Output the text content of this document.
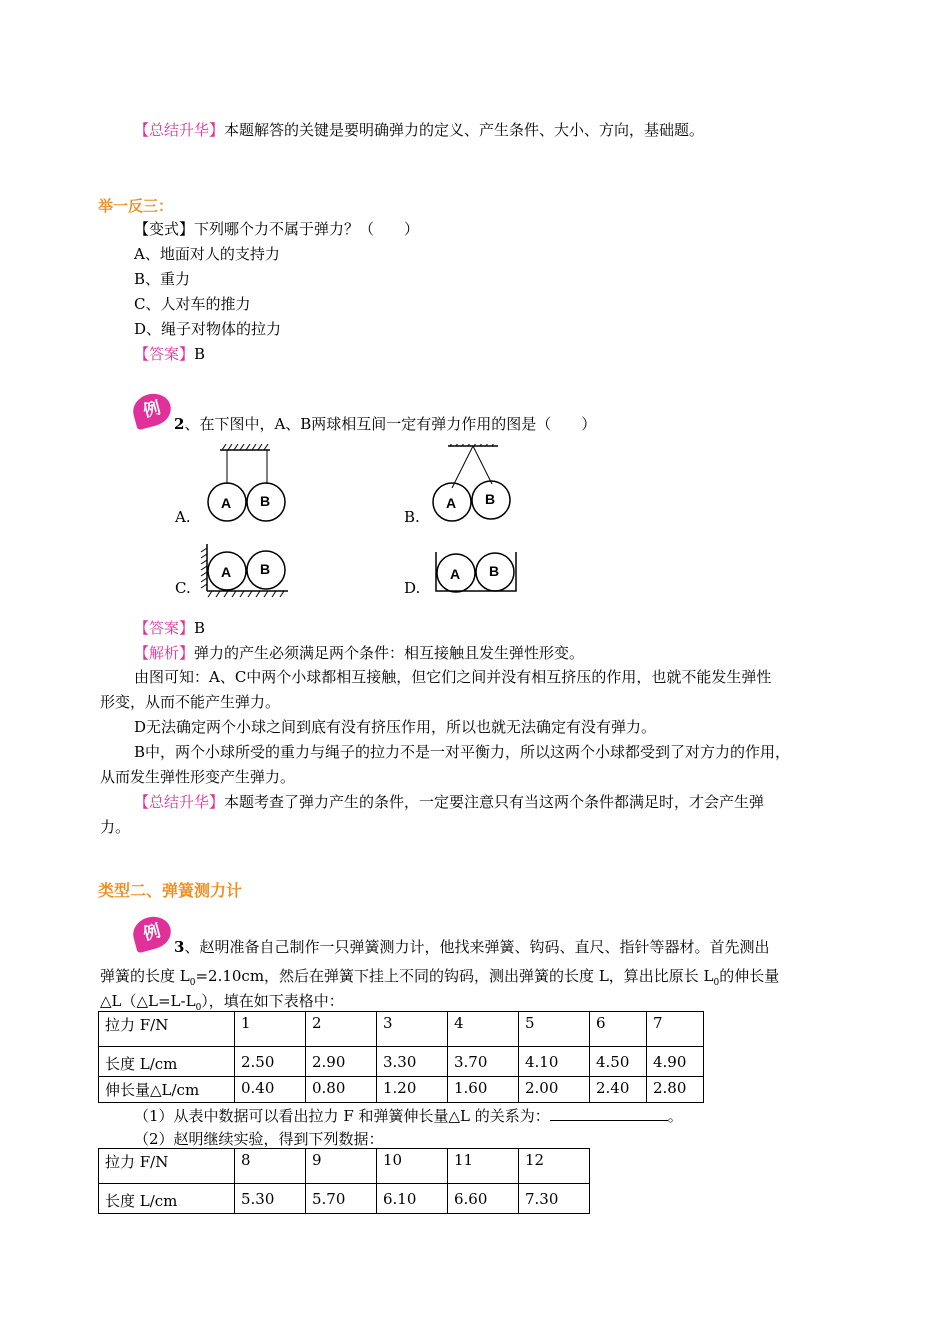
【总结升华】本题解答的关键是要明确弹力的定义、产生条件、大小、方向，基础题。
举一反三：
【变式】下列哪个力不属于弹力？（　　）
A、地面对人的支持力
B、重力
C、人对车的推力
D、绳子对物体的拉力
【答案】B
例
2、在下图中，A、B两球相互间一定有弹力作用的图是（　　）
A B	A B
A B	A B
A.	B.
C.	D.
【答案】B
【解析】弹力的产生必须满足两个条件：相互接触且发生弹性形变。
由图可知：A、C中两个小球都相互接触，但它们之间并没有相互挤压的作用，也就不能发生弹性
形变，从而不能产生弹力。
D无法确定两个小球之间到底有没有挤压作用，所以也就无法确定有没有弹力。
B中，两个小球所受的重力与绳子的拉力不是一对平衡力，所以这两个小球都受到了对方力的作用，
从而发生弹性形变产生弹力。
【总结升华】本题考查了弹力产生的条件，一定要注意只有当这两个条件都满足时，才会产生弹
力。
类型二、弹簧测力计
例
3、赵明准备自己制作一只弹簧测力计，他找来弹簧、钩码、直尺、指针等器材。首先测出
弹簧的长度 $L_0=2.10cm$，然后在弹簧下挂上不同的钩码，测出弹簧的长度 L，算出比原长 $L_0$的伸长量
$\triangle L(\triangle L=L-L_0)$，填在如下表格中：
拉力 F/N	1	2	3	4	5	6	7
长度 L/cm	2.50	2.90	3.30	3.70	4.10	4.50	4.90
伸长量△L/cm	0.40	0.80	1.20	1.60	2.00	2.40	2.80
（1）从表中数据可以看出拉力 F 和弹簧伸长量△L 的关系为：	。
（2）赵明继续实验，得到下列数据：
拉力 F/N	8	9	10	11	12
长度 L/cm	5.30	5.70	6.10	6.60	7.30
